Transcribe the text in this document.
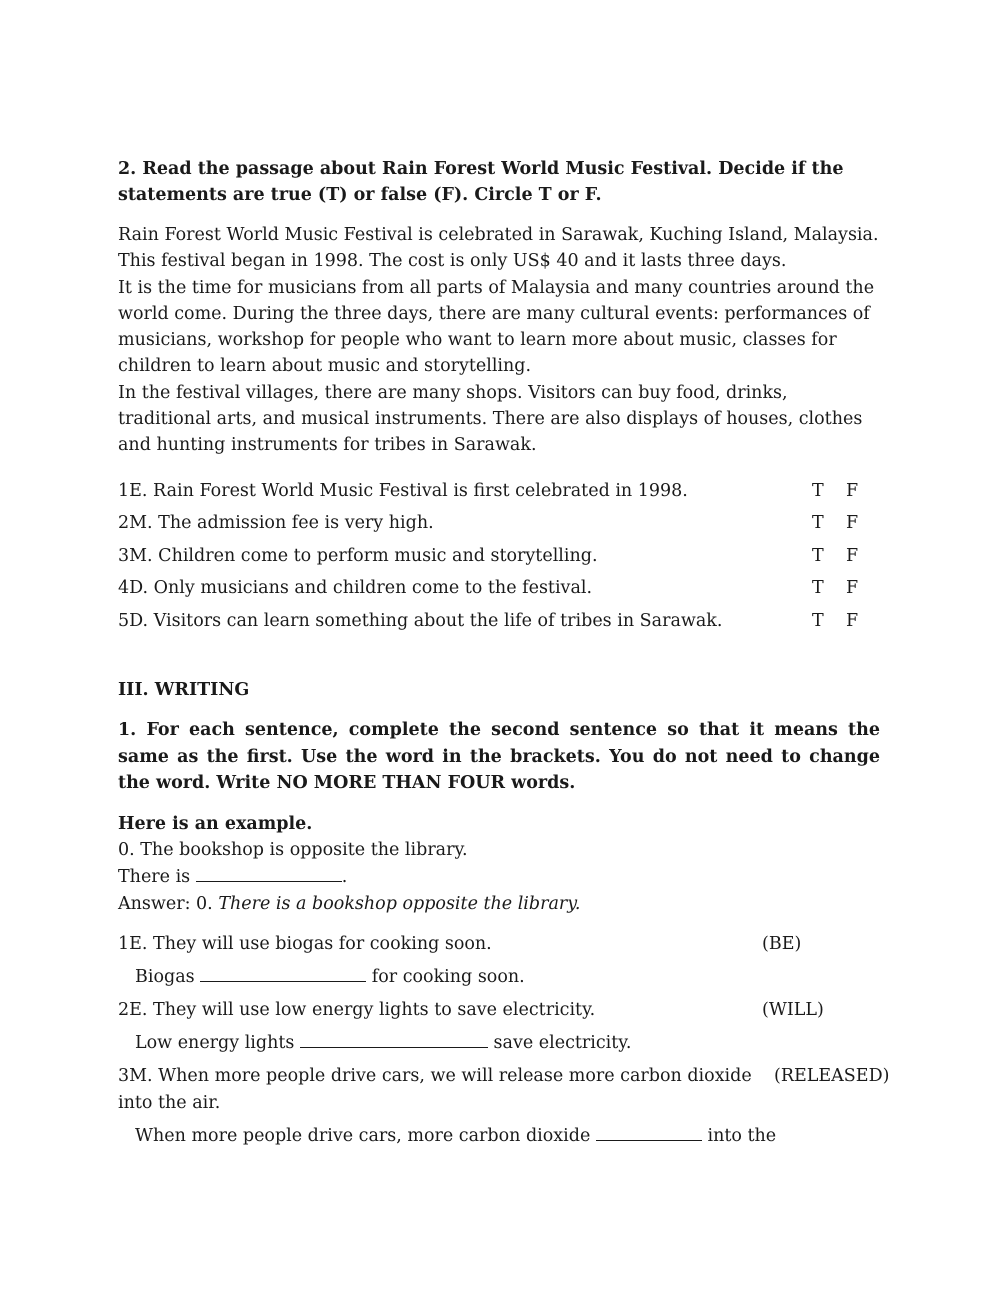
2. Read the passage about Rain Forest World Music Festival. Decide if the statements are true (T) or false (F). Circle T or F.

Rain Forest World Music Festival is celebrated in Sarawak, Kuching Island, Malaysia. This festival began in 1998. The cost is only US$ 40 and it lasts three days.

It is the time for musicians from all parts of Malaysia and many countries around the world come. During the three days, there are many cultural events: performances of musicians, workshop for people who want to learn more about music, classes for children to learn about music and storytelling.

In the festival villages, there are many shops. Visitors can buy food, drinks, traditional arts, and musical instruments. There are also displays of houses, clothes and hunting instruments for tribes in Sarawak.

1E. Rain Forest World Music Festival is first celebrated in 1998.	T	F
2M. The admission fee is very high.	T	F
3M. Children come to perform music and storytelling.	T	F
4D. Only musicians and children come to the festival.	T	F
5D. Visitors can learn something about the life of tribes in Sarawak.	T	F
III. WRITING
1. For each sentence, complete the second sentence so that it means the same as the first. Use the word in the brackets. You do not need to change the word. Write NO MORE THAN FOUR words.
Here is an example.
0. The bookshop is opposite the library.
There is	.
Answer: 0. There is a bookshop opposite the library.
1E. They will use biogas for cooking soon.	(BE)
Biogas	for cooking soon.
2E. They will use low energy lights to save electricity.	(WILL)
Low energy lights	save electricity.
3M. When more people drive cars, we will release more carbon dioxide into the air.
(RELEASED)
When more people drive cars, more carbon dioxide	into the
